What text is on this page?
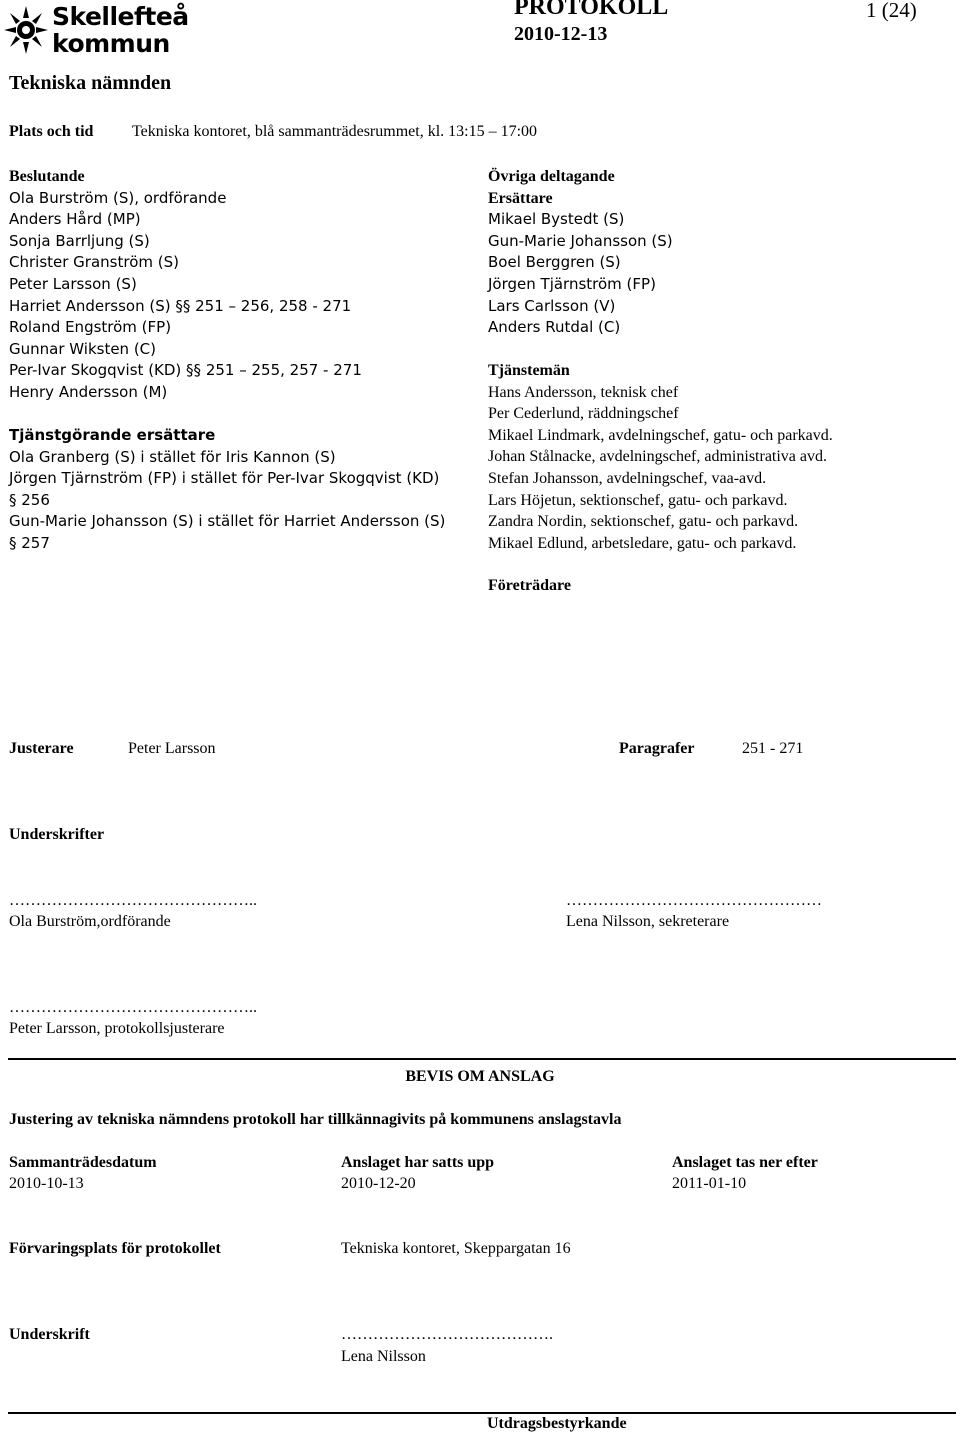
Skellefteå
kommun
PROTOKOLL
2010-12-13
1 (24)
Tekniska nämnden
Plats och tid Tekniska kontoret, blå sammanträdesrummet, kl. 13:15 – 17:00
Beslutande
Ola Burström (S), ordförande
Anders Hård (MP)
Sonja Barrljung (S)
Christer Granström (S)
Peter Larsson (S)
Harriet Andersson (S) §§ 251 – 256, 258 - 271
Roland Engström (FP)
Gunnar Wiksten (C)
Per-Ivar Skogqvist (KD) §§ 251 – 255, 257 - 271
Henry Andersson (M)
Tjänstgörande ersättare
Ola Granberg (S) i stället för Iris Kannon (S)
Jörgen Tjärnström (FP) i stället för Per-Ivar Skogqvist (KD)
§ 256
Gun-Marie Johansson (S) i stället för Harriet Andersson (S)
§ 257
Övriga deltagande
Ersättare
Mikael Bystedt (S)
Gun-Marie Johansson (S)
Boel Berggren (S)
Jörgen Tjärnström (FP)
Lars Carlsson (V)
Anders Rutdal (C)
Tjänstemän
Hans Andersson, teknisk chef
Per Cederlund, räddningschef
Mikael Lindmark, avdelningschef, gatu- och parkavd.
Johan Stålnacke, avdelningschef, administrativa avd.
Stefan Johansson, avdelningschef, vaa-avd.
Lars Höjetun, sektionschef, gatu- och parkavd.
Zandra Nordin, sektionschef, gatu- och parkavd.
Mikael Edlund, arbetsledare, gatu- och parkavd.
Företrädare
Justerare	Peter Larsson	Paragrafer	251 - 271
Underskrifter
………………………………………..
Ola Burström,ordförande
…………………………………………
Lena Nilsson, sekreterare
………………………………………..
Peter Larsson, protokollsjusterare
BEVIS OM ANSLAG
Justering av tekniska nämndens protokoll har tillkännagivits på kommunens anslagstavla
Sammanträdesdatum
2010-10-13
Anslaget har satts upp
2010-12-20
Anslaget tas ner efter
2011-01-10
Förvaringsplats för protokollet	Tekniska kontoret, Skeppargatan 16
Underskrift	………………………………….
Lena Nilsson
Utdragsbestyrkande
